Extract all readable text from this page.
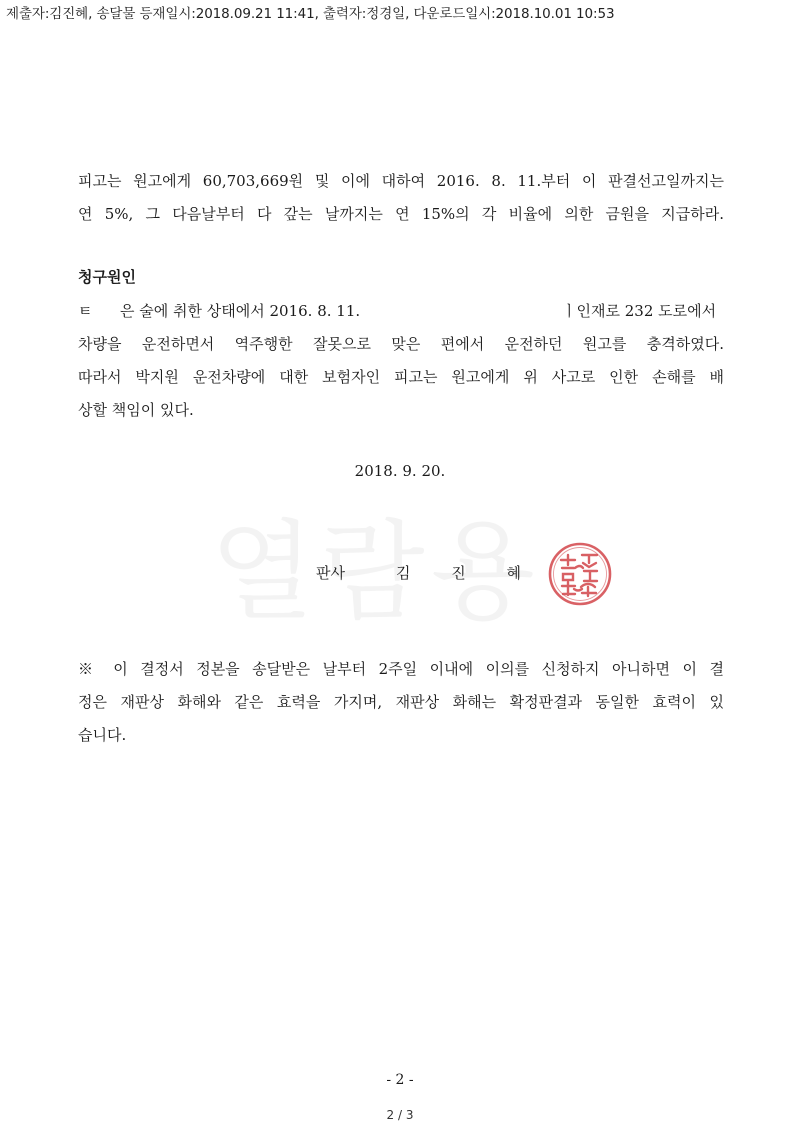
제출자:김진혜, 송달물 등재일시:2018.09.21 11:41, 출력자:정경일, 다운로드일시:2018.10.01 10:53
피고는 원고에게 60,703,669원 및 이에 대하여 2016. 8. 11.부터 이 판결선고일까지는
연 5%, 그 다음날부터 다 갚는 날까지는 연 15%의 각 비율에 의한 금원을 지급하라.
청구원인
ㅌ 은 술에 취한 상태에서 2016. 8. 11.	ㅣ인재로 232 도로에서
차량을 운전하면서 역주행한 잘못으로 맞은 편에서 운전하던 원고를 충격하였다.
따라서 박지원 운전차량에 대한 보험자인 피고는 원고에게 위 사고로 인한 손해를 배
상할 책임이 있다.
2018. 9. 20.
판사	김 진 혜
※ 이 결정서 정본을 송달받은 날부터 2주일 이내에 이의를 신청하지 아니하면 이 결
정은 재판상 화해와 같은 효력을 가지며, 재판상 화해는 확정판결과 동일한 효력이 있
습니다.
- 2 -
2 / 3
